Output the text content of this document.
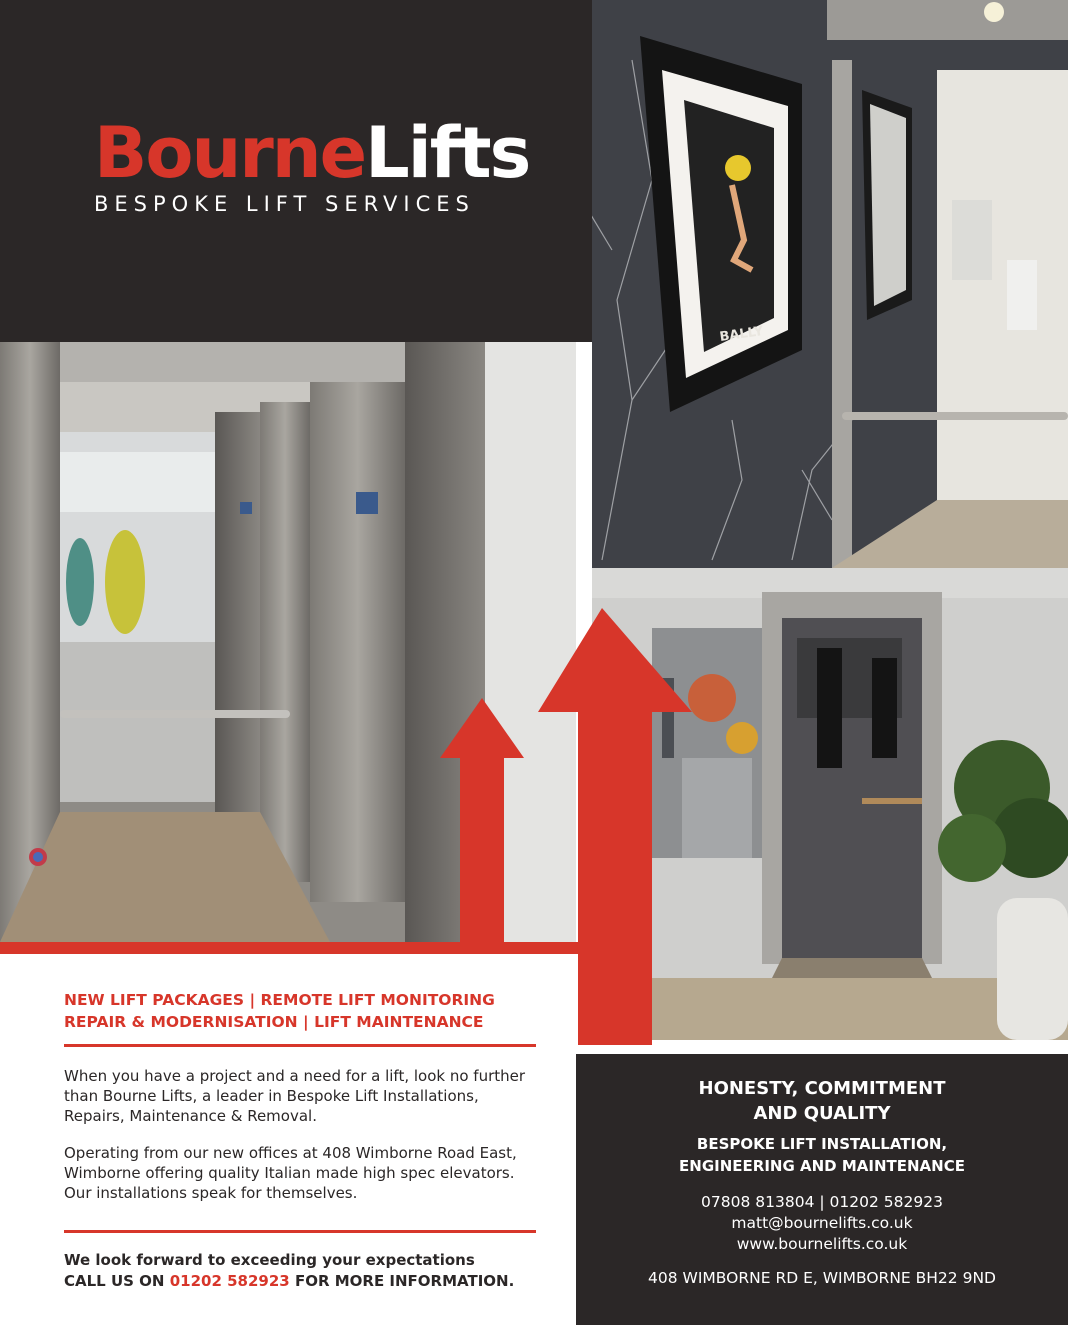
BourneLifts
BESPOKE LIFT SERVICES
BALLY
NEW LIFT PACKAGES | REMOTE LIFT MONITORING
REPAIR & MODERNISATION | LIFT MAINTENANCE
When you have a project and a need for a lift, look no further than Bourne Lifts, a leader in Bespoke Lift Installations, Repairs, Maintenance & Removal.
Operating from our new offices at 408 Wimborne Road East, Wimborne offering quality Italian made high spec elevators. Our installations speak for themselves.
We look forward to exceeding your expectations
CALL US ON 01202 582923 FOR MORE INFORMATION.
HONESTY, COMMITMENT
AND QUALITY
BESPOKE LIFT INSTALLATION,
ENGINEERING AND MAINTENANCE
07808 813804 | 01202 582923
matt@bournelifts.co.uk
www.bournelifts.co.uk
408 WIMBORNE RD E, WIMBORNE BH22 9ND
